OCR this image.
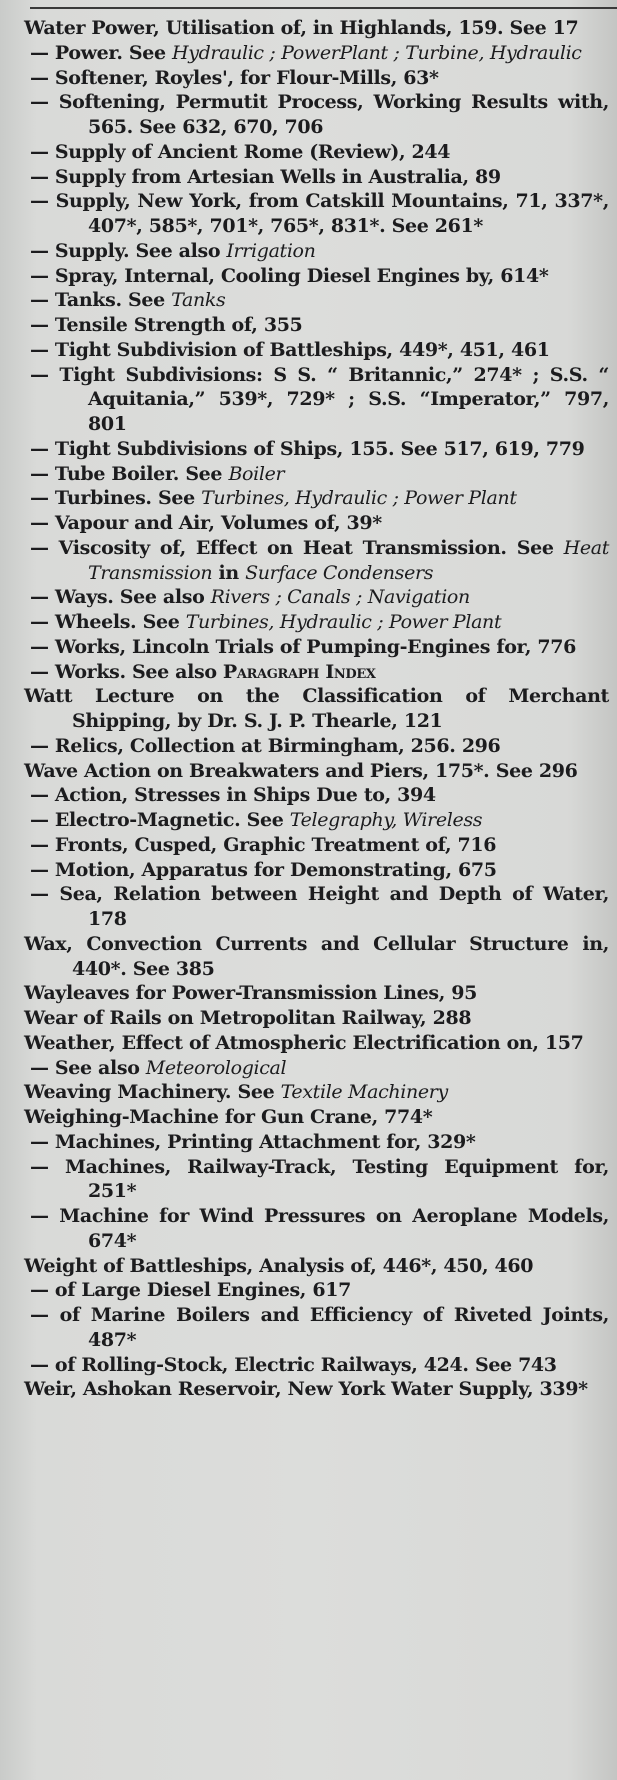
Water Power, Utilisation of, in Highlands, 159. See 17
— Power. See Hydraulic ; PowerPlant ; Turbine, Hydraulic
— Softener, Royles', for Flour-Mills, 63*
— Softening, Permutit Process, Working Results with, 565. See 632, 670, 706
— Supply of Ancient Rome (Review), 244
— Supply from Artesian Wells in Australia, 89
— Supply, New York, from Catskill Mountains, 71, 337*, 407*, 585*, 701*, 765*, 831*. See 261*
— Supply. See also Irrigation
— Spray, Internal, Cooling Diesel Engines by, 614*
— Tanks. See Tanks
— Tensile Strength of, 355
— Tight Subdivision of Battleships, 449*, 451, 461
— Tight Subdivisions: S S. “ Britannic,” 274* ; S.S. “ Aquitania,” 539*, 729* ; S.S. “Imperator,” 797, 801
— Tight Subdivisions of Ships, 155. See 517, 619, 779
— Tube Boiler. See Boiler
— Turbines. See Turbines, Hydraulic ; Power Plant
— Vapour and Air, Volumes of, 39*
— Viscosity of, Effect on Heat Transmission. See Heat Transmission in Surface Condensers
— Ways. See also Rivers ; Canals ; Navigation
— Wheels. See Turbines, Hydraulic ; Power Plant
— Works, Lincoln Trials of Pumping-Engines for, 776
— Works. See also Paragraph Index
Watt Lecture on the Classification of Merchant Shipping, by Dr. S. J. P. Thearle, 121
— Relics, Collection at Birmingham, 256. 296
Wave Action on Breakwaters and Piers, 175*. See 296
— Action, Stresses in Ships Due to, 394
— Electro-Magnetic. See Telegraphy, Wireless
— Fronts, Cusped, Graphic Treatment of, 716
— Motion, Apparatus for Demonstrating, 675
— Sea, Relation between Height and Depth of Water, 178
Wax, Convection Currents and Cellular Structure in, 440*. See 385
Wayleaves for Power-Transmission Lines, 95
Wear of Rails on Metropolitan Railway, 288
Weather, Effect of Atmospheric Electrification on, 157
— See also Meteorological
Weaving Machinery. See Textile Machinery
Weighing-Machine for Gun Crane, 774*
— Machines, Printing Attachment for, 329*
— Machines, Railway-Track, Testing Equipment for, 251*
— Machine for Wind Pressures on Aeroplane Models, 674*
Weight of Battleships, Analysis of, 446*, 450, 460
— of Large Diesel Engines, 617
— of Marine Boilers and Efficiency of Riveted Joints, 487*
— of Rolling-Stock, Electric Railways, 424. See 743
Weir, Ashokan Reservoir, New York Water Supply, 339*
